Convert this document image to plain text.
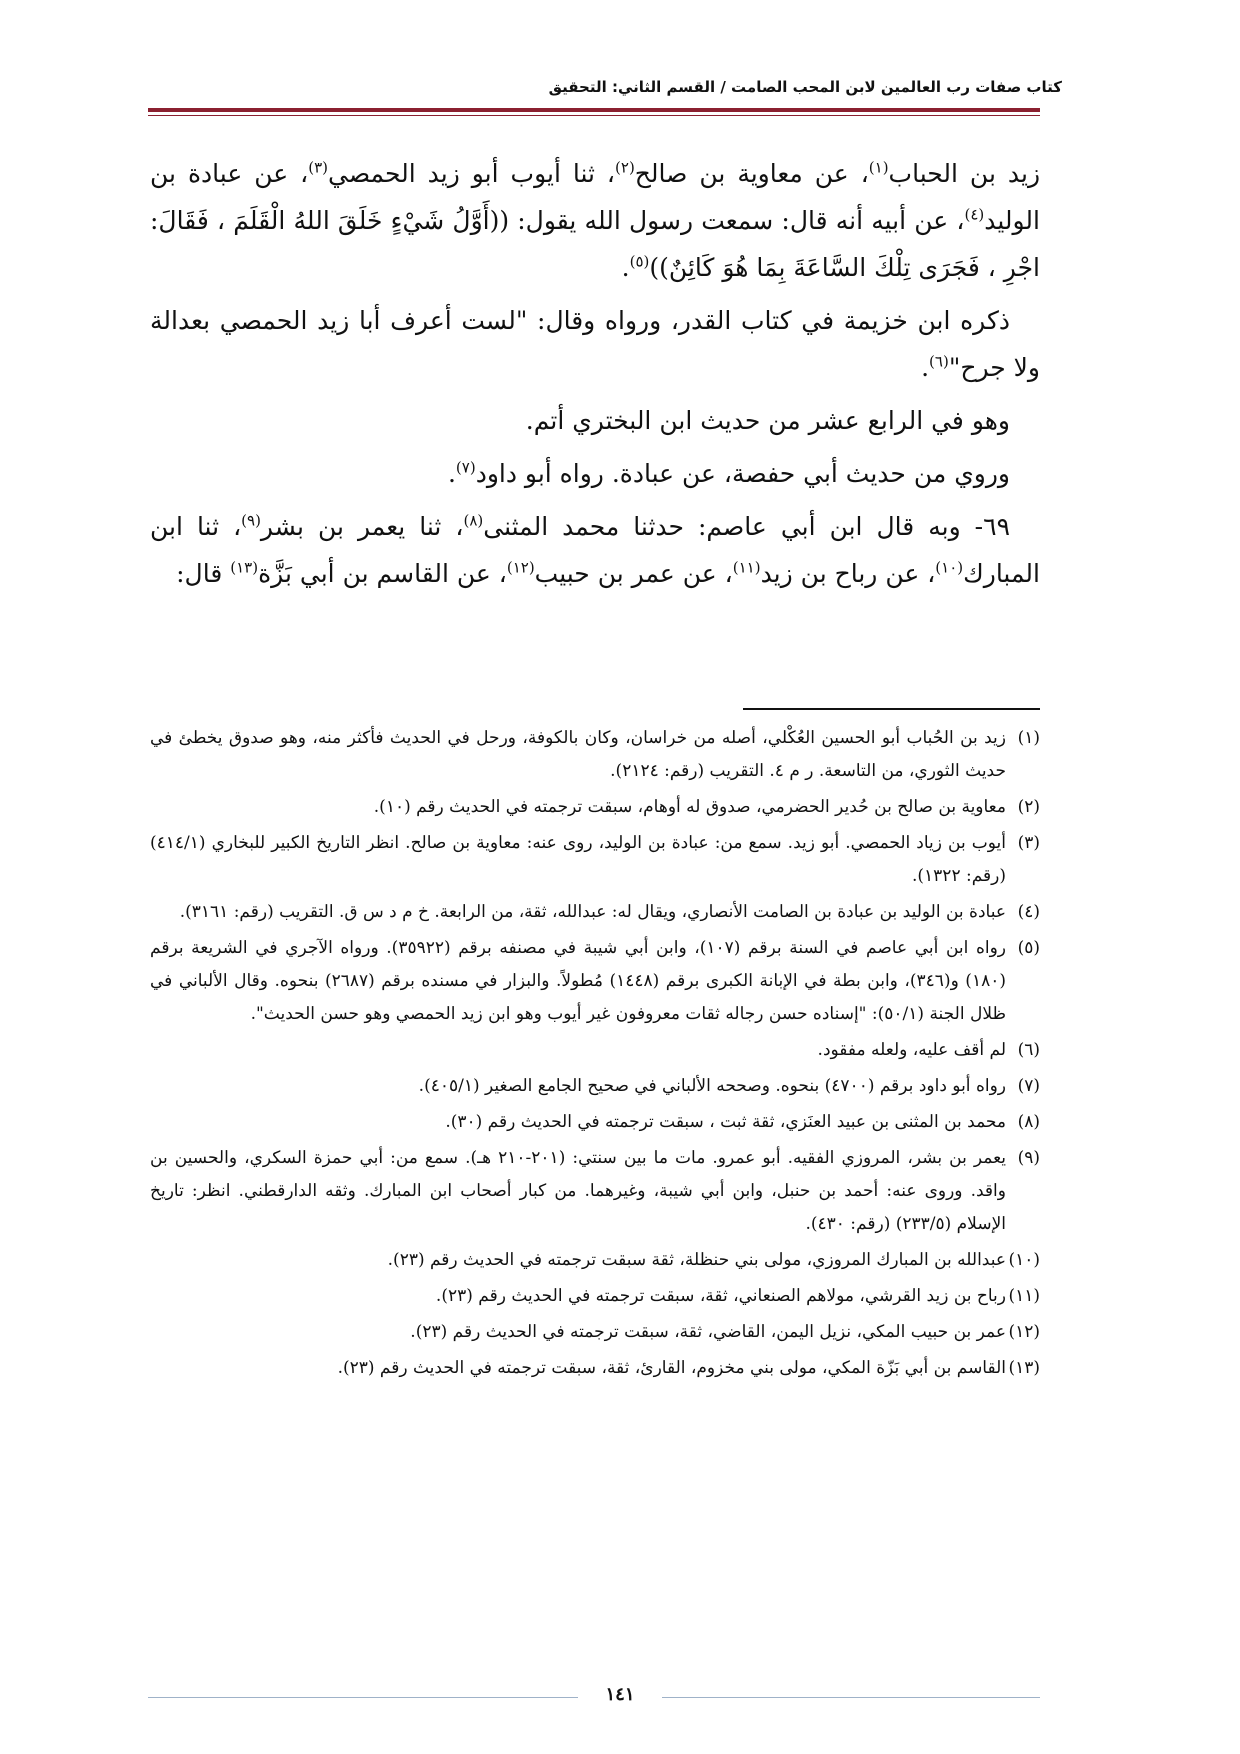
كتاب صفات رب العالمين لابن المحب الصامت / القسم الثاني: التحقيق

زيد بن الحباب$^{(١)}$، عن معاوية بن صالح$^{(٢)}$، ثنا أيوب أبو زيد الحمصي$^{(٣)}$، عن عبادة بن الوليد$^{(٤)}$، عن أبيه أنه قال: سمعت رسول الله يقول: ((أَوَّلُ شَيْءٍ خَلَقَ اللهُ الْقَلَمَ ، فَقَالَ: اجْرِ ، فَجَرَى تِلْكَ السَّاعَةَ بِمَا هُوَ كَائِنٌ))$^{(٥)}$.

ذكره ابن خزيمة في كتاب القدر، ورواه وقال: "لست أعرف أبا زيد الحمصي بعدالة ولا جرح"$^{(٦)}$.

وهو في الرابع عشر من حديث ابن البختري أتم.

وروي من حديث أبي حفصة، عن عبادة. رواه أبو داود$^{(٧)}$.

٦٩- وبه قال ابن أبي عاصم: حدثنا محمد المثنى$^{(٨)}$، ثنا يعمر بن بشر$^{(٩)}$، ثنا ابن المبارك$^{(١٠)}$، عن رباح بن زيد$^{(١١)}$، عن عمر بن حبيب$^{(١٢)}$، عن القاسم بن أبي بَزَّة$^{(١٣)}$ قال:

(١)زيد بن الحُباب أبو الحسين العُكْلي، أصله من خراسان، وكان بالكوفة، ورحل في الحديث فأكثر منه، وهو صدوق يخطئ في حديث الثوري، من التاسعة. ر م ٤. التقريب (رقم: ٢١٢٤).

(٢)معاوية بن صالح بن حُدير الحضرمي، صدوق له أوهام، سبقت ترجمته في الحديث رقم (١٠).

(٣)أيوب بن زياد الحمصي. أبو زيد. سمع من: عبادة بن الوليد، روى عنه: معاوية بن صالح. انظر التاريخ الكبير للبخاري (٤١٤/١) (رقم: ١٣٢٢).

(٤)عبادة بن الوليد بن عبادة بن الصامت الأنصاري، ويقال له: عبدالله، ثقة، من الرابعة. خ م د س ق. التقريب (رقم: ٣١٦١).

(٥)رواه ابن أبي عاصم في السنة برقم (١٠٧)، وابن أبي شيبة في مصنفه برقم (٣٥٩٢٢). ورواه الآجري في الشريعة برقم (١٨٠) و(٣٤٦)، وابن بطة في الإبانة الكبرى برقم (١٤٤٨) مُطولاً. والبزار في مسنده برقم (٢٦٨٧) بنحوه. وقال الألباني في ظلال الجنة (٥٠/١): "إسناده حسن رجاله ثقات معروفون غير أيوب وهو ابن زيد الحمصي وهو حسن الحديث".

(٦)لم أقف عليه، ولعله مفقود.

(٧)رواه أبو داود برقم (٤٧٠٠) بنحوه. وصححه الألباني في صحيح الجامع الصغير (٤٠٥/١).

(٨)محمد بن المثنى بن عبيد العنَزي، ثقة ثبت ، سبقت ترجمته في الحديث رقم (٣٠).

(٩)يعمر بن بشر، المروزي الفقيه. أبو عمرو. مات ما بين سنتي: (٢٠١-٢١٠ هـ). سمع من: أبي حمزة السكري، والحسين بن واقد. وروى عنه: أحمد بن حنبل، وابن أبي شيبة، وغيرهما. من كبار أصحاب ابن المبارك. وثقه الدارقطني. انظر: تاريخ الإسلام (٢٣٣/٥) (رقم: ٤٣٠).

(١٠)عبدالله بن المبارك المروزي، مولى بني حنظلة، ثقة سبقت ترجمته في الحديث رقم (٢٣).

(١١)رباح بن زيد القرشي، مولاهم الصنعاني، ثقة، سبقت ترجمته في الحديث رقم (٢٣).

(١٢)عمر بن حبيب المكي، نزيل اليمن، القاضي، ثقة، سبقت ترجمته في الحديث رقم (٢٣).

(١٣)القاسم بن أبي بَزّة المكي، مولى بني مخزوم، القارئ، ثقة، سبقت ترجمته في الحديث رقم (٢٣).

١٤١
